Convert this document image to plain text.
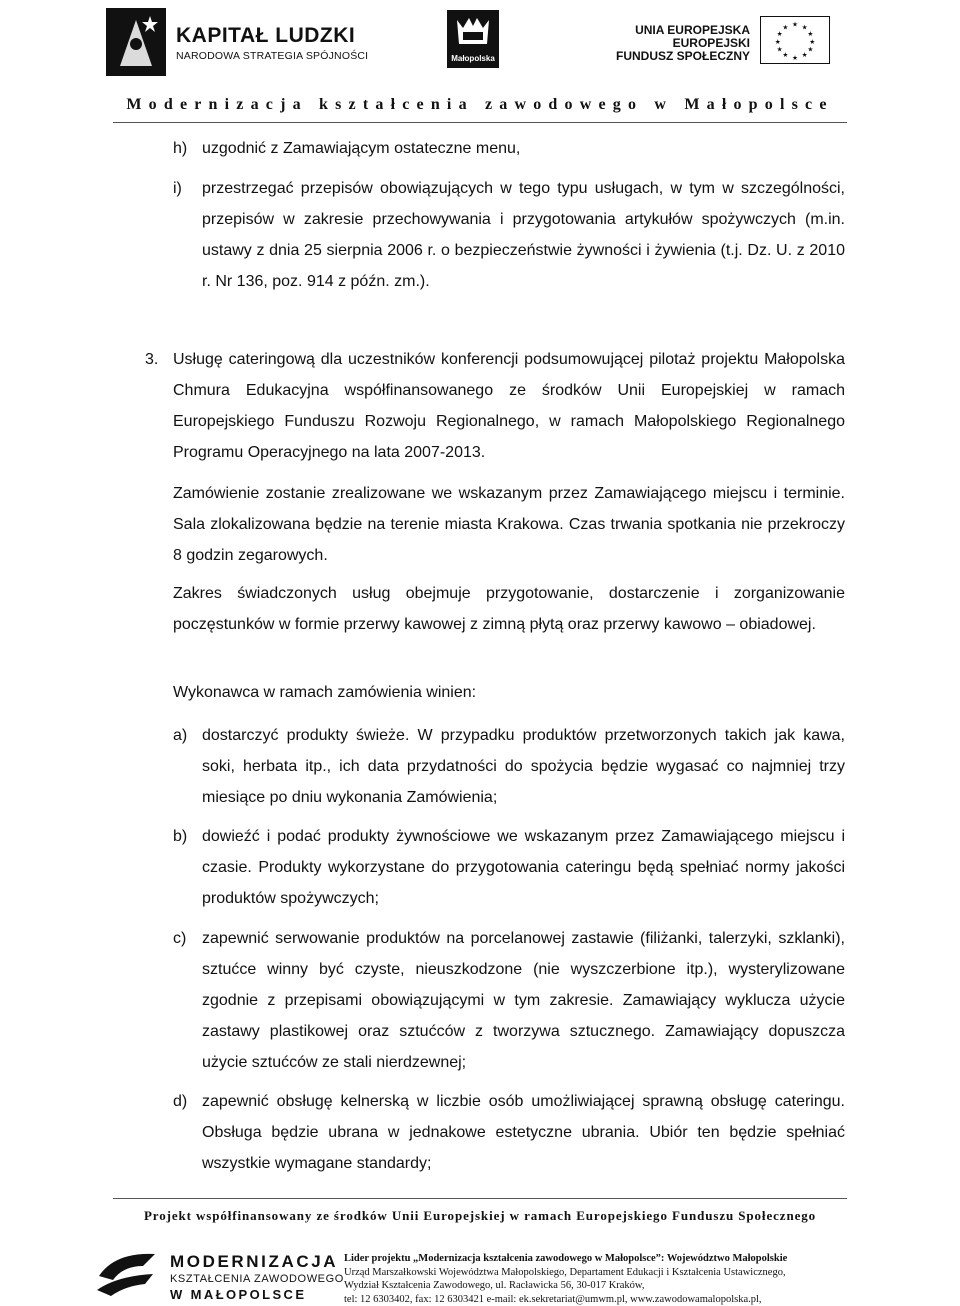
KAPITAŁ LUDZKI
NARODOWA STRATEGIA SPÓJNOŚCI	Małopolska
UNIA EUROPEJSKA
EUROPEJSKI
FUNDUSZ SPOŁECZNY
★ ★
★
★
★
★
★
★
★
★
★
★
Modernizacja kształcenia zawodowego w Małopolsce
h) uzgodnić z Zamawiającym ostateczne menu,
i) przestrzegać przepisów obowiązujących w tego typu usługach, w tym w szczególności, przepisów w zakresie przechowywania i przygotowania artykułów spożywczych (m.in. ustawy z dnia 25 sierpnia 2006 r. o bezpieczeństwie żywności i żywienia (t.j. Dz. U. z 2010 r. Nr 136, poz. 914 z późn. zm.).
3. Usługę cateringową dla uczestników konferencji podsumowującej pilotaż projektu Małopolska Chmura Edukacyjna współfinansowanego ze środków Unii Europejskiej w ramach Europejskiego Funduszu Rozwoju Regionalnego, w ramach Małopolskiego Regionalnego Programu Operacyjnego na lata 2007-2013.
Zamówienie zostanie zrealizowane we wskazanym przez Zamawiającego miejscu i terminie. Sala zlokalizowana będzie na terenie miasta Krakowa. Czas trwania spotkania nie przekroczy 8 godzin zegarowych.
Zakres świadczonych usług obejmuje przygotowanie, dostarczenie i zorganizowanie poczęstunków w formie przerwy kawowej z zimną płytą oraz przerwy kawowo – obiadowej.
Wykonawca w ramach zamówienia winien:
a) dostarczyć produkty świeże. W przypadku produktów przetworzonych takich jak kawa, soki, herbata itp., ich data przydatności do spożycia będzie wygasać co najmniej trzy miesiące po dniu wykonania Zamówienia;
b) dowieźć i podać produkty żywnościowe we wskazanym przez Zamawiającego miejscu i czasie. Produkty wykorzystane do przygotowania cateringu będą spełniać normy jakości produktów spożywczych;
c) zapewnić serwowanie produktów na porcelanowej zastawie (filiżanki, talerzyki, szklanki), sztućce winny być czyste, nieuszkodzone (nie wyszczerbione itp.), wysterylizowane zgodnie z przepisami obowiązującymi w tym zakresie. Zamawiający wyklucza użycie zastawy plastikowej oraz sztućców z tworzywa sztucznego. Zamawiający dopuszcza użycie sztućców ze stali nierdzewnej;
d) zapewnić obsługę kelnerską w liczbie osób umożliwiającej sprawną obsługę cateringu. Obsługa będzie ubrana w jednakowe estetyczne ubrania. Ubiór ten będzie spełniać wszystkie wymagane standardy;
Projekt współfinansowany ze środków Unii Europejskiej w ramach Europejskiego Funduszu Społecznego
MODERNIZACJA
KSZTAŁCENIA ZAWODOWEGO
W MAŁOPOLSCE
Lider projektu „Modernizacja kształcenia zawodowego w Małopolsce”: Województwo Małopolskie
Urząd Marszałkowski Województwa Małopolskiego, Departament Edukacji i Kształcenia Ustawicznego,
Wydział Kształcenia Zawodowego, ul. Racławicka 56, 30-017 Kraków,
tel: 12 6303402, fax: 12 6303421 e-mail: ek.sekretariat@umwm.pl, www.zawodowamalopolska.pl,
